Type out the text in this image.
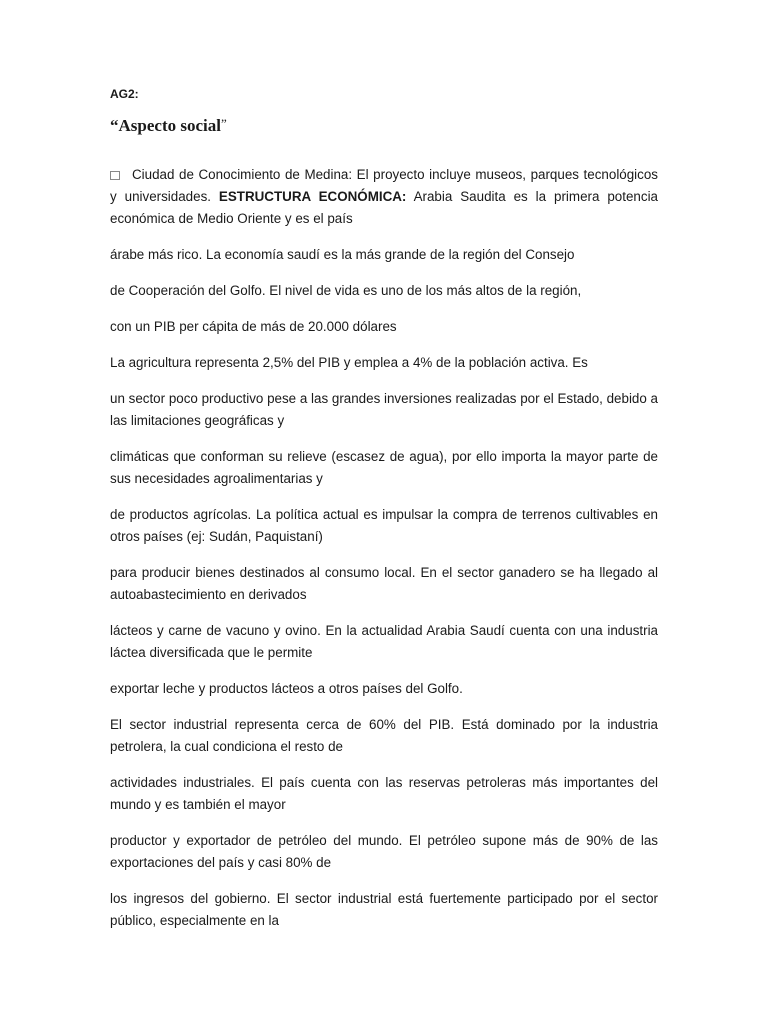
AG2:

“Aspecto social”

Ciudad de Conocimiento de Medina: El proyecto incluye museos, parques tecnológicos y universidades. ESTRUCTURA ECONÓMICA: Arabia Saudita es la primera potencia económica de Medio Oriente y es el país

árabe más rico. La economía saudí es la más grande de la región del Consejo

de Cooperación del Golfo. El nivel de vida es uno de los más altos de la región,

con un PIB per cápita de más de 20.000 dólares

La agricultura representa 2,5% del PIB y emplea a 4% de la población activa. Es

un sector poco productivo pese a las grandes inversiones realizadas por el Estado, debido a las limitaciones geográficas y

climáticas que conforman su relieve (escasez de agua), por ello importa la mayor parte de sus necesidades agroalimentarias y

de productos agrícolas. La política actual es impulsar la compra de terrenos cultivables en otros países (ej: Sudán, Paquistaní)

para producir bienes destinados al consumo local. En el sector ganadero se ha llegado al autoabastecimiento en derivados

lácteos y carne de vacuno y ovino. En la actualidad Arabia Saudí cuenta con una industria láctea diversificada que le permite

exportar leche y productos lácteos a otros países del Golfo.

El sector industrial representa cerca de 60% del PIB. Está dominado por la industria petrolera, la cual condiciona el resto de

actividades industriales. El país cuenta con las reservas petroleras más importantes del mundo y es también el mayor

productor y exportador de petróleo del mundo. El petróleo supone más de 90% de las exportaciones del país y casi 80% de

los ingresos del gobierno. El sector industrial está fuertemente participado por el sector público, especialmente en la
